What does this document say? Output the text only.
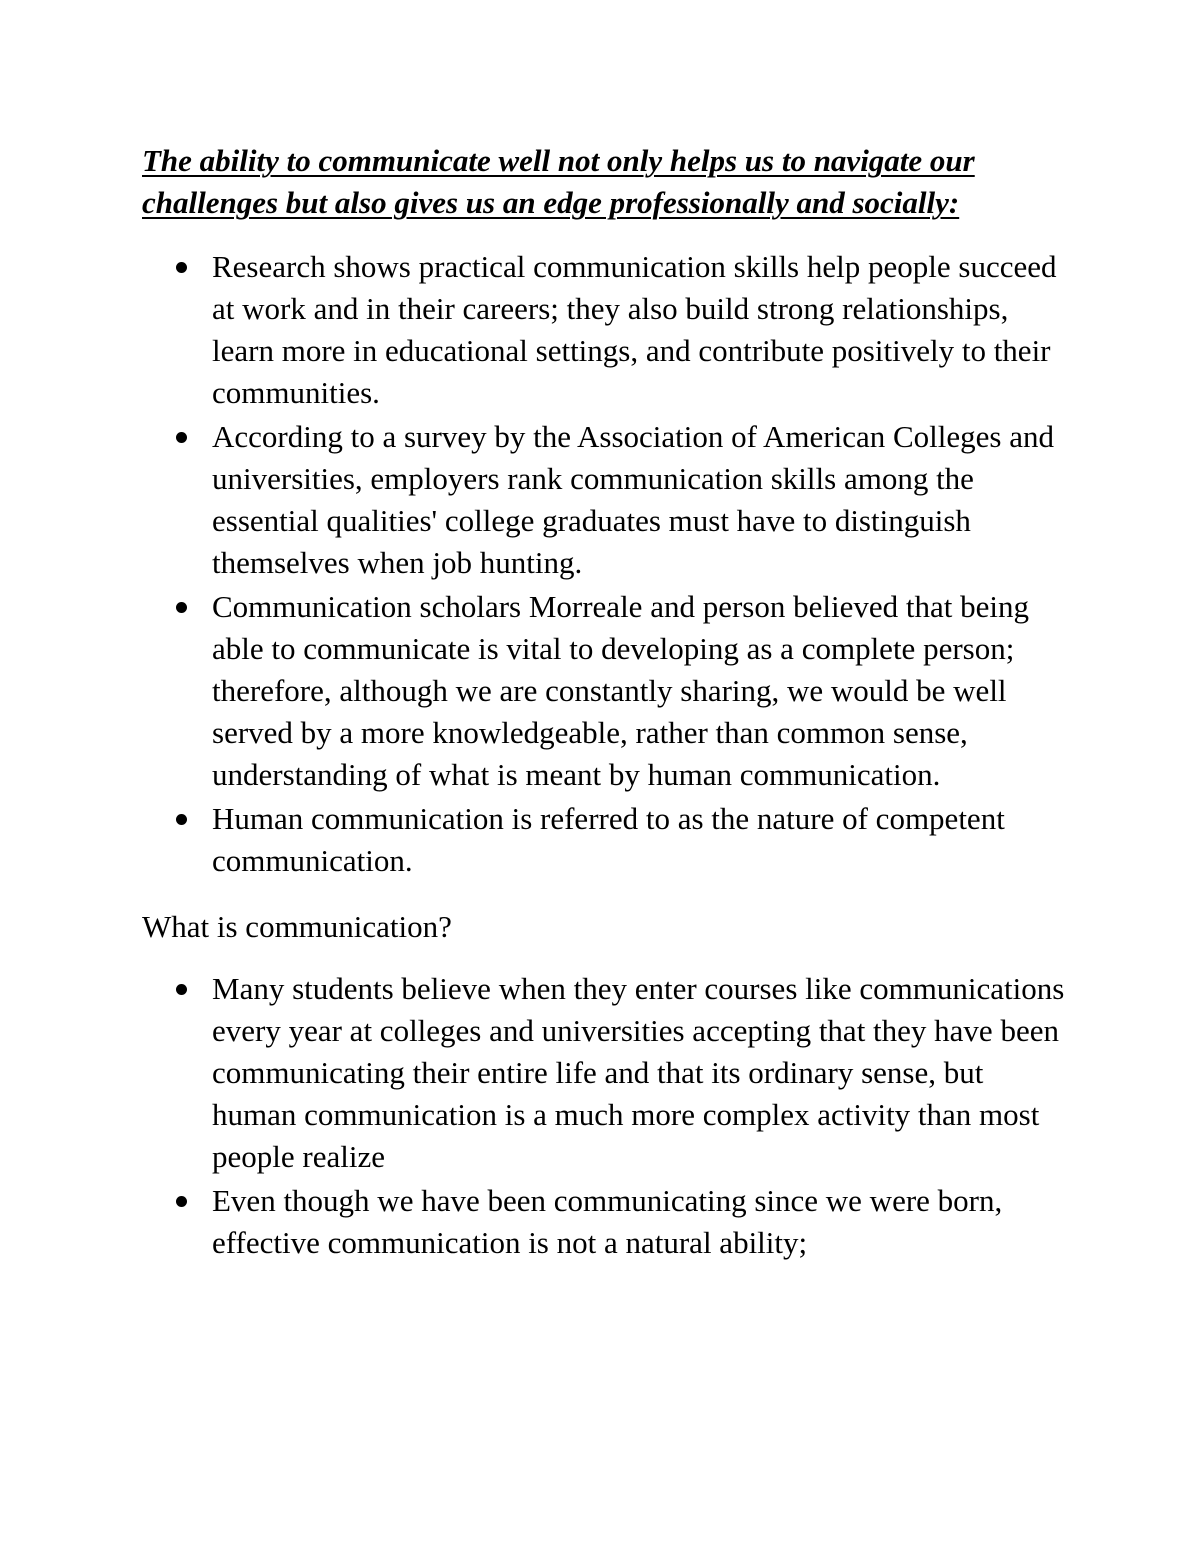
The ability to communicate well not only helps us to navigate our challenges but also gives us an edge professionally and socially:

Research shows practical communication skills help people succeed at work and in their careers; they also build strong relationships, learn more in educational settings, and contribute positively to their communities.
According to a survey by the Association of American Colleges and universities, employers rank communication skills among the essential qualities' college graduates must have to distinguish themselves when job hunting.
Communication scholars Morreale and person believed that being able to communicate is vital to developing as a complete person; therefore, although we are constantly sharing, we would be well served by a more knowledgeable, rather than common sense, understanding of what is meant by human communication.
Human communication is referred to as the nature of competent communication.

What is communication?

Many students believe when they enter courses like communications every year at colleges and universities accepting that they have been communicating their entire life and that its ordinary sense, but human communication is a much more complex activity than most people realize
Even though we have been communicating since we were born, effective communication is not a natural ability;
